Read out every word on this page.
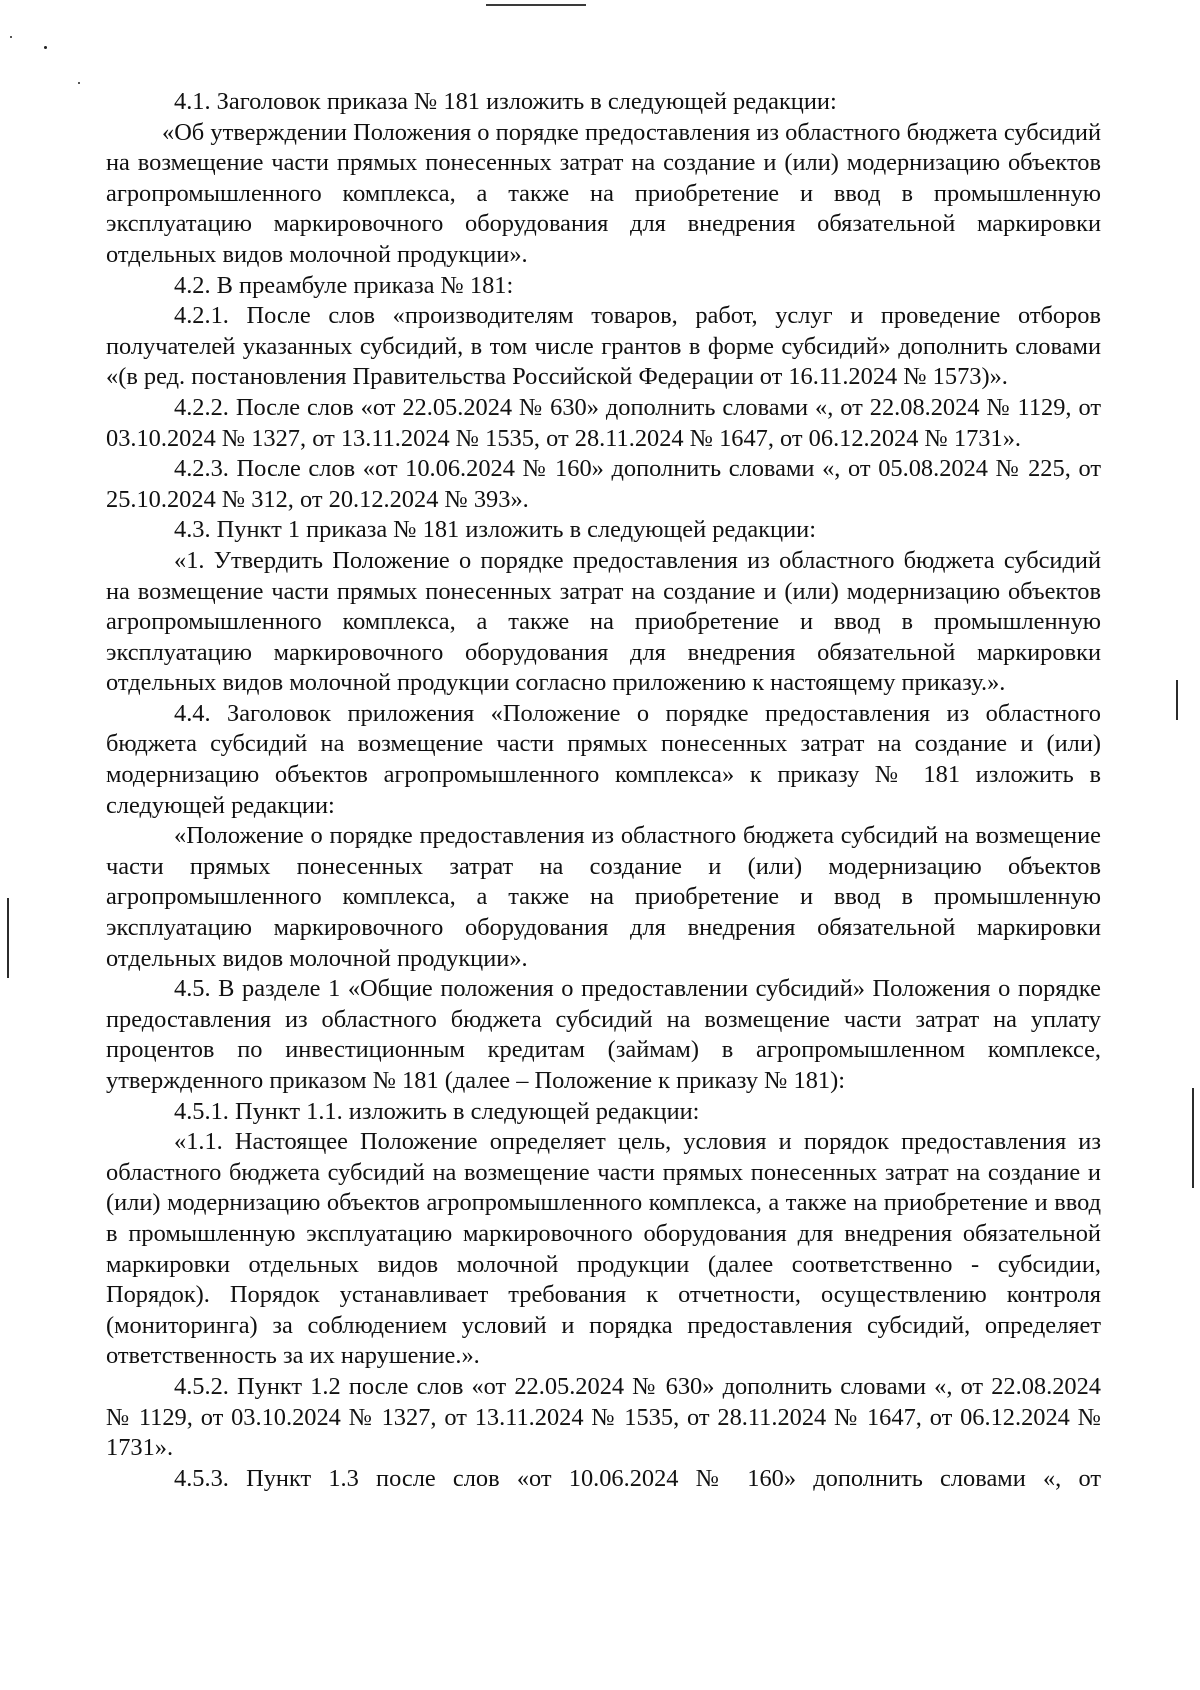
4.1. Заголовок приказа № 181 изложить в следующей редакции:

«Об утверждении Положения о порядке предоставления из областного бюджета субсидий на возмещение части прямых понесенных затрат на создание и (или) модернизацию объектов агропромышленного комплекса, а также на приобретение и ввод в промышленную эксплуатацию маркировочного оборудования для внедрения обязательной маркировки отдельных видов молочной продукции».

4.2. В преамбуле приказа № 181:

4.2.1. После слов «производителям товаров, работ, услуг и проведение отборов получателей указанных субсидий, в том числе грантов в форме субсидий» дополнить словами «(в ред. постановления Правительства Российской Федерации от 16.11.2024 № 1573)».

4.2.2. После слов «от 22.05.2024 № 630» дополнить словами «, от 22.08.2024 № 1129, от 03.10.2024 № 1327, от 13.11.2024 № 1535, от 28.11.2024 № 1647, от 06.12.2024 № 1731».

4.2.3. После слов «от 10.06.2024 № 160» дополнить словами «, от 05.08.2024 № 225, от 25.10.2024 № 312, от 20.12.2024 № 393».

4.3. Пункт 1 приказа № 181 изложить в следующей редакции:

«1. Утвердить Положение о порядке предоставления из областного бюджета субсидий на возмещение части прямых понесенных затрат на создание и (или) модернизацию объектов агропромышленного комплекса, а также на приобретение и ввод в промышленную эксплуатацию маркировочного оборудования для внедрения обязательной маркировки отдельных видов молочной продукции согласно приложению к настоящему приказу.».

4.4. Заголовок приложения «Положение о порядке предоставления из областного бюджета субсидий на возмещение части прямых понесенных затрат на создание и (или) модернизацию объектов агропромышленного комплекса» к приказу № 181 изложить в следующей редакции:

«Положение о порядке предоставления из областного бюджета субсидий на возмещение части прямых понесенных затрат на создание и (или) модернизацию объектов агропромышленного комплекса, а также на приобретение и ввод в промышленную эксплуатацию маркировочного оборудования для внедрения обязательной маркировки отдельных видов молочной продукции».

4.5. В разделе 1 «Общие положения о предоставлении субсидий» Положения о порядке предоставления из областного бюджета субсидий на возмещение части затрат на уплату процентов по инвестиционным кредитам (займам) в агропромышленном комплексе, утвержденного приказом № 181 (далее – Положение к приказу № 181):

4.5.1. Пункт 1.1. изложить в следующей редакции:

«1.1. Настоящее Положение определяет цель, условия и порядок предоставления из областного бюджета субсидий на возмещение части прямых понесенных затрат на создание и (или) модернизацию объектов агропромышленного комплекса, а также на приобретение и ввод в промышленную эксплуатацию маркировочного оборудования для внедрения обязательной маркировки отдельных видов молочной продукции (далее соответственно - субсидии, Порядок). Порядок устанавливает требования к отчетности, осуществлению контроля (мониторинга) за соблюдением условий и порядка предоставления субсидий, определяет ответственность за их нарушение.».

4.5.2. Пункт 1.2 после слов «от 22.05.2024 № 630» дополнить словами «, от 22.08.2024 № 1129, от 03.10.2024 № 1327, от 13.11.2024 № 1535, от 28.11.2024 № 1647, от 06.12.2024 № 1731».

4.5.3. Пункт 1.3 после слов «от 10.06.2024 № 160» дополнить словами «, от
